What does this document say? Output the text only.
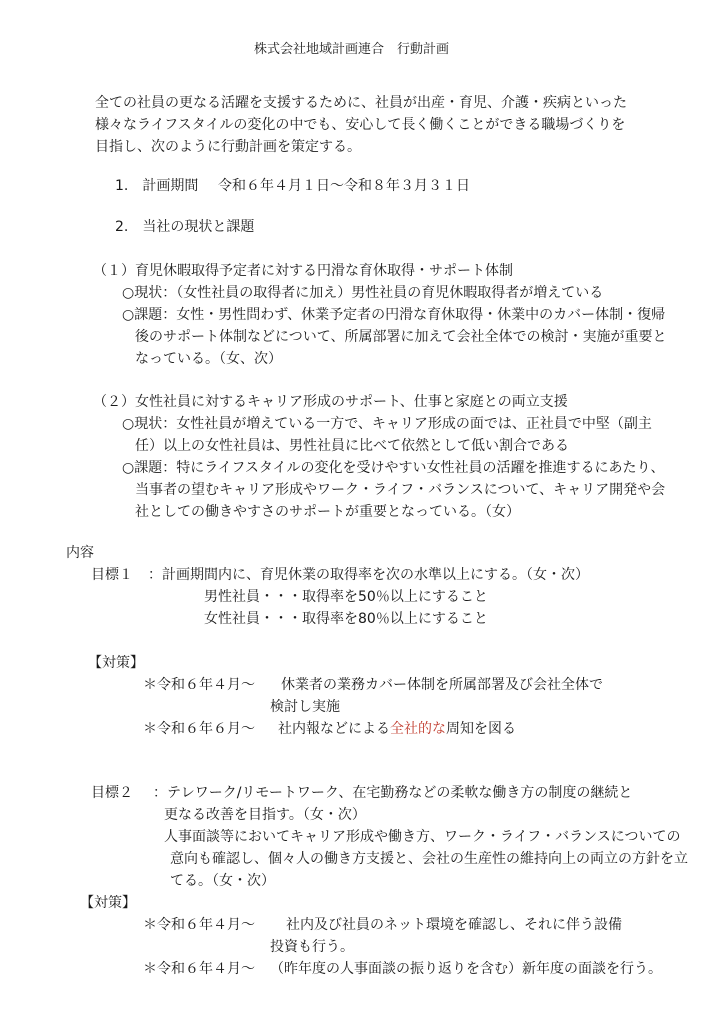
株式会社地域計画連合　行動計画
全ての社員の更なる活躍を支援するために、社員が出産・育児、介護・疾病といった
様々なライフスタイルの変化の中でも、安心して長く働くことができる職場づくりを
目指し、次のように行動計画を策定する。
1.　計画期間 令和６年４月１日～令和８年３月３１日
2.　当社の現状と課題
（１）育児休暇取得予定者に対する円滑な育休取得・サポート体制
○現状：（女性社員の取得者に加え）男性社員の育児休暇取得者が増えている
○課題：女性・男性問わず、休業予定者の円滑な育休取得・休業中のカバー体制・復帰
後のサポート体制などについて、所属部署に加えて会社全体での検討・実施が重要と
なっている。（女、次）
（２）女性社員に対するキャリア形成のサポート、仕事と家庭との両立支援
○現状：女性社員が増えている一方で、キャリア形成の面では、正社員で中堅（副主
任）以上の女性社員は、男性社員に比べて依然として低い割合である
○課題：特にライフスタイルの変化を受けやすい女性社員の活躍を推進するにあたり、
当事者の望むキャリア形成やワーク・ライフ・バランスについて、キャリア開発や会
社としての働きやすさのサポートが重要となっている。（女）
内容
目標１ ：計画期間内に、育児休業の取得率を次の水準以上にする。（女・次）
男性社員・・・取得率を50％以上にすること
女性社員・・・取得率を80％以上にすること
【対策】
＊令和６年４月～ 休業者の業務カバー体制を所属部署及び会社全体で
検討し実施
＊令和６年６月～ 社内報などによる全社的な周知を図る
目標２ ：テレワーク/リモートワーク、在宅勤務などの柔軟な働き方の制度の継続と
更なる改善を目指す。（女・次）
人事面談等においてキャリア形成や働き方、ワーク・ライフ・バランスについての
意向も確認し、個々人の働き方支援と、会社の生産性の維持向上の両立の方針を立
てる。（女・次）
【対策】
＊令和６年４月～ 社内及び社員のネット環境を確認し、それに伴う設備
投資も行う。
＊令和６年４月～ （昨年度の人事面談の振り返りを含む）新年度の面談を行う。
